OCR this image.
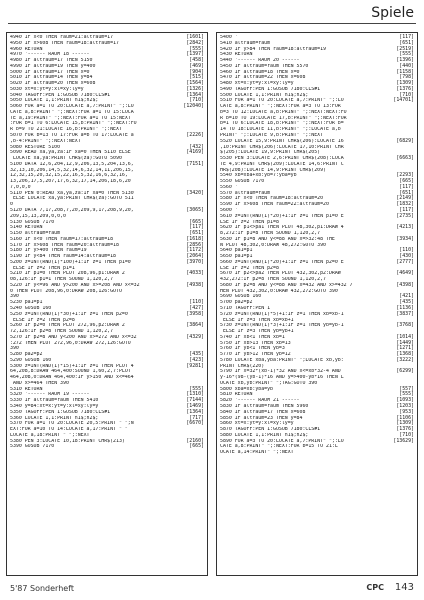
Spiele
4940 IF x<0 THEN raum=21:altraum=17	[1601]
4950 IF x>608 THEN raum=18:altraum=17	[2842]
4960 RETURN	[555]
4970 '------ RAUM 18 ------	[1397]
4980 IF altraum=17 THEN 5150	[458]
4990 IF altraum=19 THEN y=400	[469]
5000 IF altraum=17 THEN x=0	[904]
5010 IF altraum=14 THEN y=84	[515]
5020 IF altraum=20 THEN x=608	[1564]
5030 xt=x:yt=y:xl=xy:ly=y	[1326]
5040 TAGOFF:PEN 1:GOSUB 7180:CLS#1	[1364]
5050 LOCATE 1,1:PRINT n1$;n2$;	[710]
5060 FOR a=1 TO 20:LOCATE a,7:PRINT" ";:LO	[12040]
CATE a,8:PRINT" ";:NEXT:FOR a=1 TO 15:LOCA
TE a,19:PRINT" ";:NEXT:FOR a=1 TO 15:NEXT
:FOR b=1 TO 6:LOCATE 15,b:PRINT" ";:NEXT:FO
R b=9 TO 21:LOCATE 16,b:PRINT" ";:NEXT
5070 FOR b=13 TO 17:FOR a=b TO 17:LOCATE a	[2226]
,b-4:PRINT" ";:NEXT:NEXT
5080 RESTORE 5100	[432]
5090 READ xa,ya,za:IF xa=0 THEN 5110 ELSE	[4169]
LOCATE xa,ya:PRINT CHR$(za):GOTO 5090
5100 DATA 12,6,204,12,9,206,13,5,204,13,6,	[7151]
32,13,10,206,14,5,32,14,6,32,14,11,206,15,
12,32,15,20,32,15,22,16,5,32,16,6,32,16,
13,206,17,5,207,17,6,32,17,14,206,18,6,20
7,0,0,0
5110 PEN 0:READ xa,ya,za:IF xa=0 THEN 5130	[3420]
ELSE LOCATE xa,ya:PRINT CHR$(za):GOTO 511
0
5120 DATA 7,17,208,7,20,209,9,17,208,9,20,	[3065]
209,15,13,209,0,0,0
5130 GOSUB 7170	[665]
5140 RETURN	[117]
5150 altraum=raum	[651]
5160 IF x<0 THEN raum=17:altraum=18	[1618]
5170 IF x>608 THEN raum=20:altraum=18	[2856]
5180 IF y>400 THEN raum=19	[1172]
5190 IF y<84 THEN raum=14:altraum=18	[2064]
5200 z=INT(RND(1)*100)+1:IF z=1 THEN p1=0	[3970]
ELSE IF z=2 THEN p1=1
5210 IF p1=0 THEN PLOT 208,96,p1:DRAW 2	[4033]
08,126:IF p1=1 THEN SOUND 1,120,2,7
5220 IF y<=96 AND y>200 AND x>=208 AND x<=32	[4938]
0 THEN PLOT 208,96,0:DRAW 208,126:GOTO
390
5230 pa1=p1	[110]
5240 GOSUB 160	[427]
5250 z=INT(RND(1)*30)+1:IF z=1 THEN p2=0	[3958]
ELSE IF z=2 THEN p2=8
5260 IF p2=0 THEN PLOT 272,96,p2:DRAW 2	[3864]
72,126:IF p2=8 THEN SOUND 1,120,2,7
5270 IF p2=8 AND y<200 AND x>=272 AND x<=32	[4329]
:272 THEN PLOT 272,96,0:DRAW 272,126:GOTO
390
5280 pa2=p2	[435]
5290 GOSUB 160	[423]
5300 z=INT(RND(1)*15)+1:IF z=1 THEN PLOT 4	[9281]
64,208,8:DRAW 464,400:SOUND 1,60,2,7:PLOT
464,208,0:DRAW 464,400:IF y>150 AND x<=464
AND x>=464 THEN 390
5310 RETURN	[555]
5320 '------ RAUM 19 ------	[1310]
5330 IF altraum=raum THEN 5410	[7144]
5340 y=84:xt=x:yt=y:xl=xy:ly=y	[1469]
5350 TAGOFF:PEN 1:GOSUB 7180:CLS#1	[1364]
5360 LOCATE 1,1:PRINT n1$;n2$;	[717]
5370 FOR a=1 TO 20:LOCATE 20,5:PRINT " ";N	[6670]
EXT:FOR a=10 TO 14:LOCATE a,17:PRINT " "
LOCATE a,18:PRINT " ";:NEXT
5380 PEN 3:LOCATE 10,18:PRINT CHR$(213)	[2160]
5390 GOSUB 7170	[665]
5400 '	[117]
5410 altraum=raum	[651]
5420 IF y>84 THEN raum=18:altraum=19	[2519]
5430 RETURN	[555]
5440 '------ RAUM 20 ------	[1396]
5450 IF altraum=raum THEN 5570	[440]
5460 IF altraum=18 THEN x=0	[1158]
5470 IF altraum=22 THEN x=608	[798]
5480 xt=x:yt=y:xl=xy:ly=y	[1309]
5490 TAGOFF:PEN 1:GOSUB 7180:CLS#1	[1376]
5500 LOCATE 1,1:PRINT n1$;n2$;	[710]
5510 FOR a=1 TO 20:LOCATE a,7:PRINT" ";:LO	[14701]
CATE a,8:PRINT" ";:NEXT:FOR a=3 TO 13:FOR
b=3 TO 12:LOCATE a,b:PRINT" ";:NEXT:NEXT:FO
R b=10 TO 19:LOCATE 17,b:PRINT" ";:NEXT:FOR
b=1 TO 6:LOCATE 18,b:PRINT" ";:NEXT:FOR b=
14 TO 18:LOCATE 11,b:PRINT" ";:LOCATE a,b
PRINT" ";:LOCATE 9,b:PRINT" ";:NEXT
5520 LOCATE 15,9:PRINT CHR$(206):LOCATE 16	[6829]
,10:PRINT CHR$(206):LOCATE 17,10:PRINT CHR
$(205):LOCATE 19,9:PRINT CHR$(205)
5530 PEN 3:LOCATE 2,6:PRINT CHR$(208):LOCA	[6663]
TE 4,9:PRINT CHR$(209):LOCATE 14,6:PRINT C
HR$(208):LOCATE 14,9:PRINT CHR$(209)
5540 xb=xba+xb:yb=7:yba=yb	[2293]
5550 GOSUB 7170	[665]
5560 '	[117]
5570 altraum=raum	[651]
5580 IF x<0 THEN raum=18:altraum=20	[2149]
5590 IF x>608 THEN raum=22:altraum=20	[1832]
5600 '	[117]
5610 z=INT(RND(1)*20)+1:IF z=1 THEN p1=0 E	[2735]
LSE IF z=2 THEN p1=8
5620 IF p1<>pa1 THEN PLOT 48,302,p1:DRAW 4	[4213]
8,272:IF p1=8 THEN SOUND 1,120,2,7
5630 IF p1=8 AND y<=88 AND x=>32:48 THE	[3934]
N PLOT 48,302,0:DRAW 48,272:GOTO 390
5640 pa1=p1	[110]
5650 pa1=p1	[430]
5660 z=INT(RND(1)*20)+1:IF z=1 THEN p2=0 E	[2777]
LSE IF z=2 THEN p2=8
5670 IF p2<>pa2 THEN PLOT 432,302,p2:DRAW	[4649]
432,272:IF p2=8 THEN SOUND 1,120,2,7
5680 IF p2=8 AND y<=88 AND x=432 AND x>=432 7	[4398]
HEN PLOT 432,302,0:DRAW 432,272:GOTO 390
5690 GOSUB 160	[421]
5700 pa2=p2	[435]
5710 TAGOFF:PEN 1	[1136]
5720 z=INT(RND(1)*5)+1:IF z=1 THEN xb=xb-1	[3837]
ELSE IF z=3 THEN xb=xb+1
5730 z=INT(RND(1)*3)+1:IF z=1 THEN yb=yb-1	[3768]
ELSE IF z=3 THEN yb=yb+1
5740 IF xb<1 THEN xb=1	[1014]
5750 IF xb>13 THEN xb=13	[1449]
5760 IF yb<1 THEN yb=3	[1271]
5770 IF yb>12 THEN yb=12	[1368]
5780 LOCATE xba,yba:PRINT" ";LOCATE xb,yb:	[3222]
PRINT CHR$(220)
5790 IF x=32*(xb-1)*32 AND x<=xb*32-4 AND	[6299]
y-16*(98-(yb-1)*16 AND y=>400-yb*16 THEN L
OCATE xb,yb:PRINT" ";TAG:GOTO 390
5800 xba=xb:yba=yb	[557]
5810 RETURN	[555]
5820 '------ RAUM 21 ------	[1093]
5830 IF altraum=raum THEN 5960	[1203]
5840 IF altraum=17 THEN x=608	[953]
5850 IF altraum=23 THEN y=84	[1106]
5860 xt=x:yt=y:xl=xy:ly=y	[1309]
5870 TAGOFF:PEN 1:GOSUB 7180:CLS#1	[1376]
5880 LOCATE 1,1:PRINT n1$;n2$;	[710]
5890 FOR a=3 TO 20:LOCATE a,7:PRINT" ";:LO	[13629]
CATE a,8:PRINT" ";:NEXT:FOR b=15 TO 21:L
OCATE a,14:PRINT" ";:NEXT
5'87 Sonderheft	CPC 143
